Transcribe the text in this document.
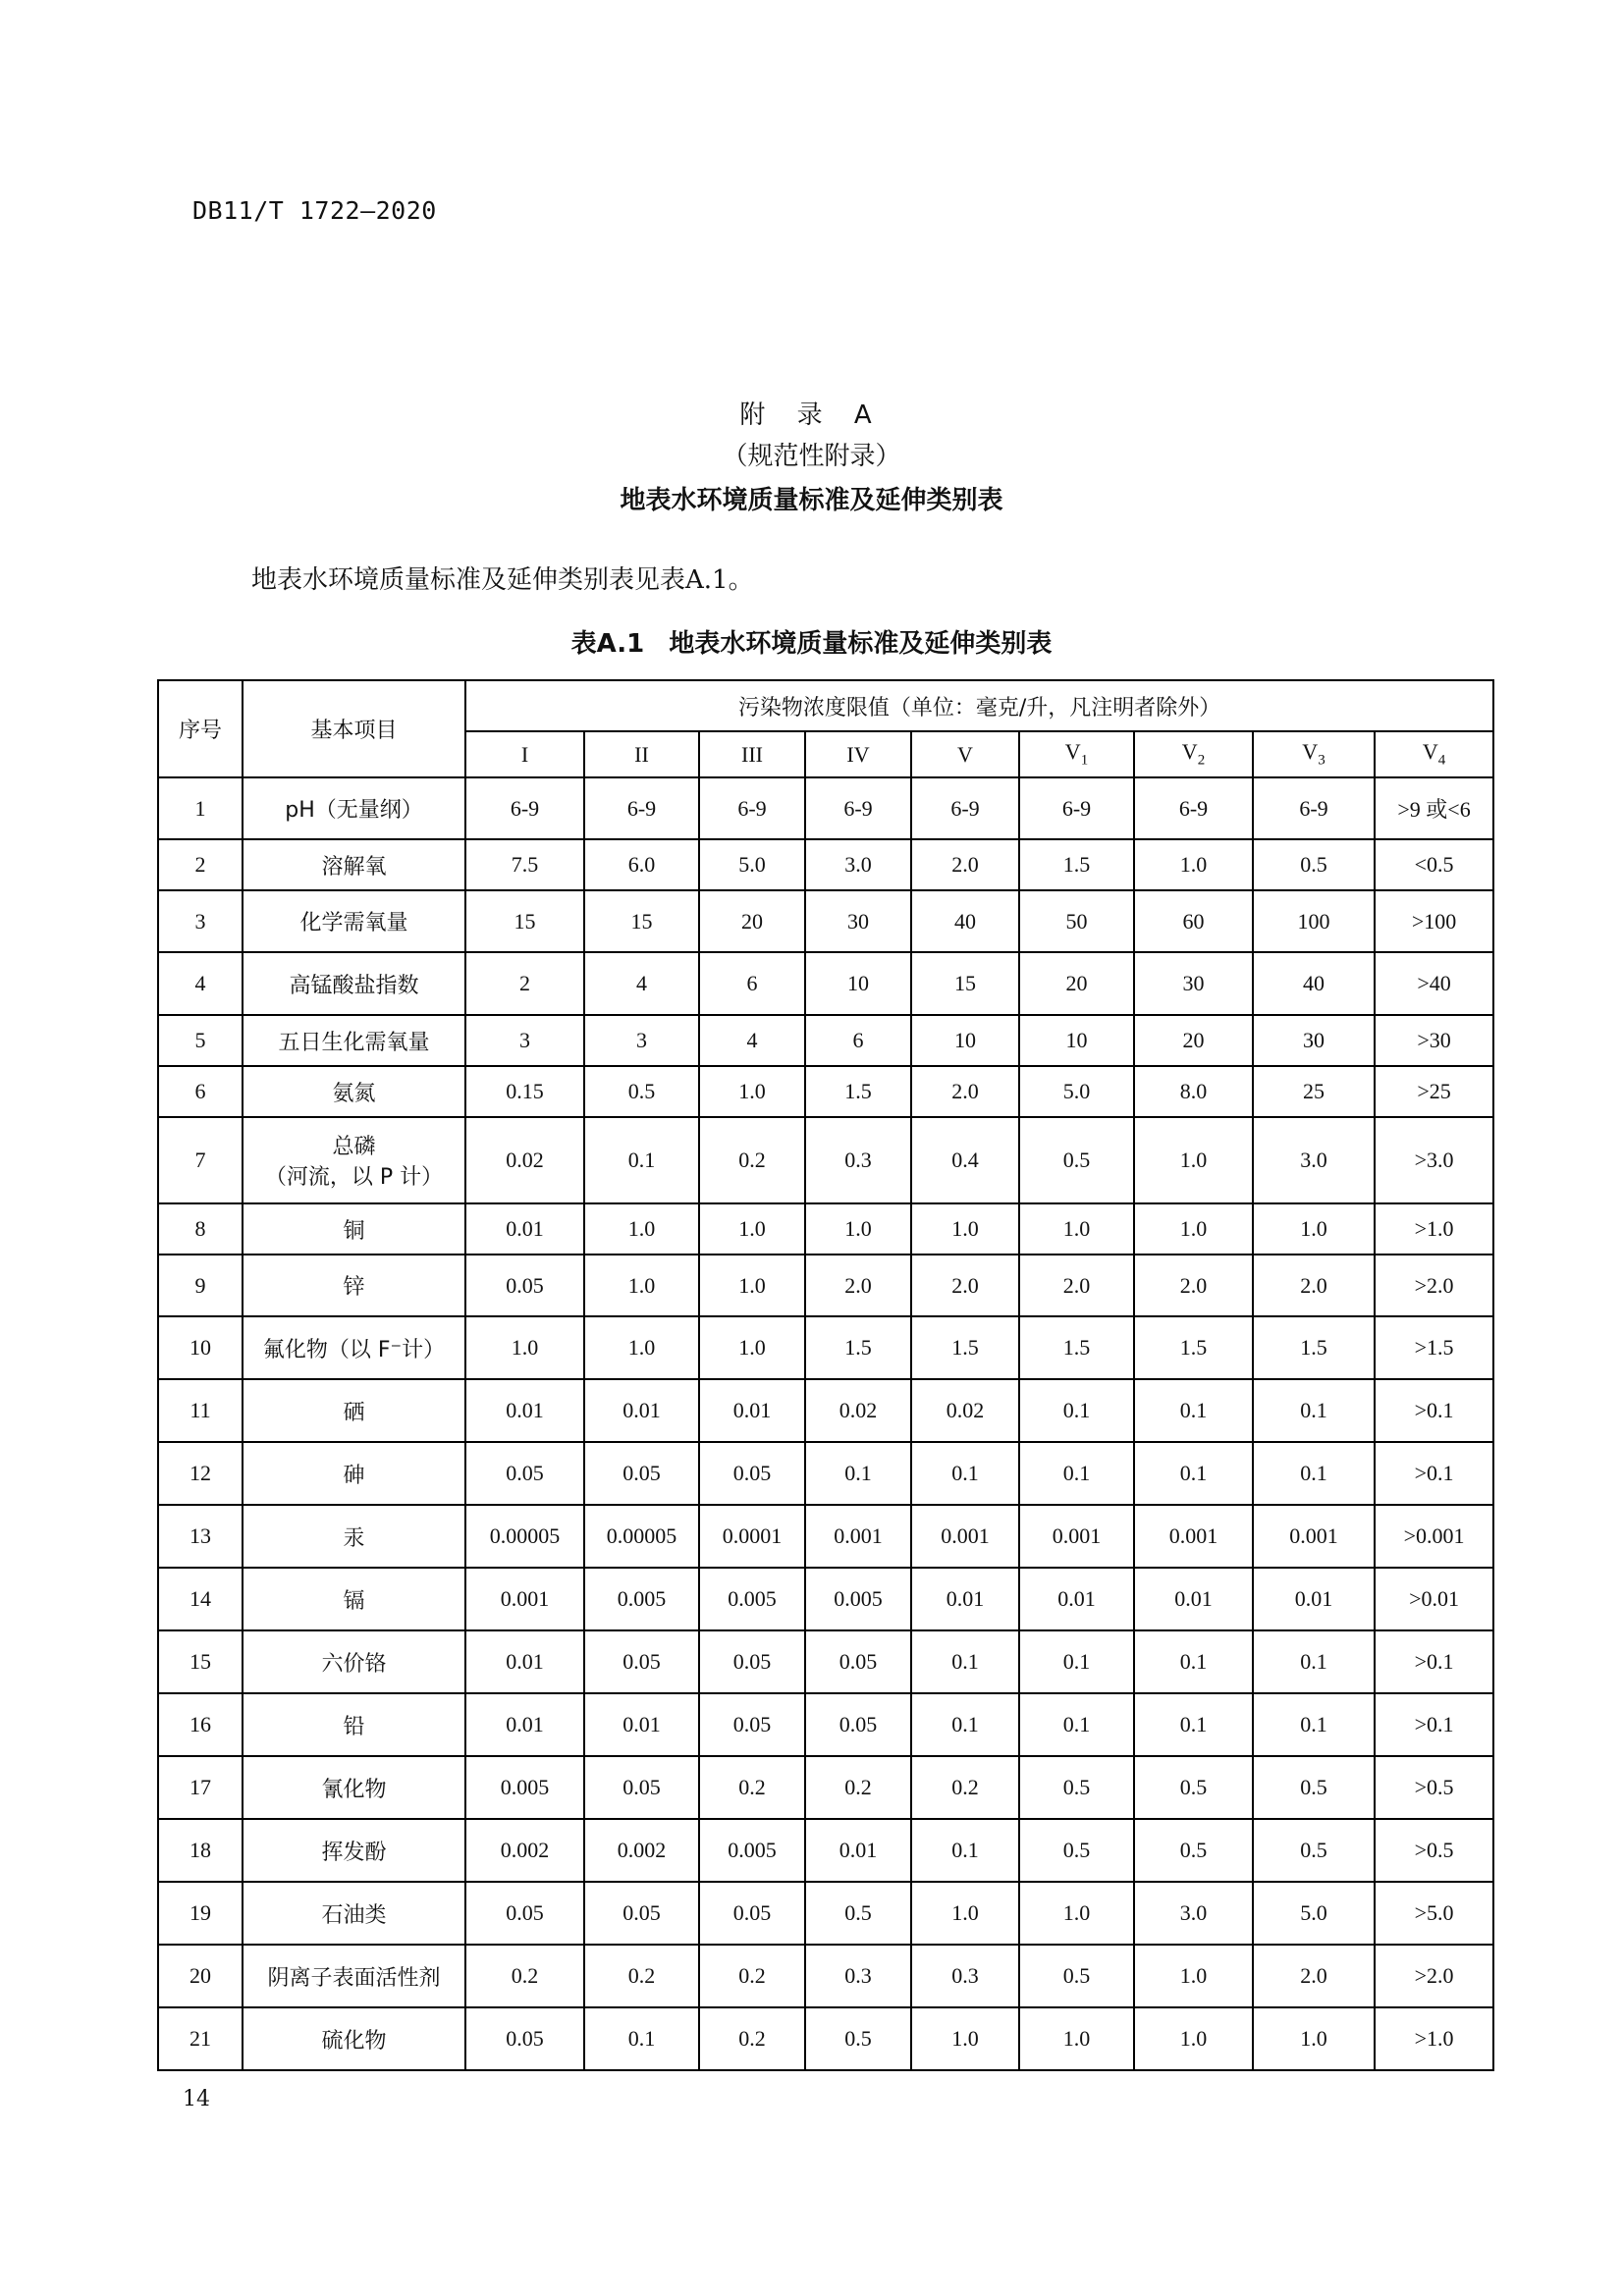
DB11/T 1722—2020
附 录 A
（规范性附录）
地表水环境质量标准及延伸类别表
地表水环境质量标准及延伸类别表见表A.1。
表A.1 地表水环境质量标准及延伸类别表
序号	基本项目	污染物浓度限值（单位：毫克/升，凡注明者除外）								
		I	II	III	IV	V	$V_1$	$V_2$	$V_3$	$V_4$
1	pH（无量纲）	6-9	6-9	6-9	6-9	6-9	6-9	6-9	6-9	>9 或<6
2	溶解氧	7.5	6.0	5.0	3.0	2.0	1.5	1.0	0.5	<0.5
3	化学需氧量	15	15	20	30	40	50	60	100	>100
4	高锰酸盐指数	2	4	6	10	15	20	30	40	>40
5	五日生化需氧量	3	3	4	6	10	10	20	30	>30
6	氨氮	0.15	0.5	1.0	1.5	2.0	5.0	8.0	25	>25
7	总磷
（河流，以 P 计）	0.02	0.1	0.2	0.3	0.4	0.5	1.0	3.0	>3.0
8	铜	0.01	1.0	1.0	1.0	1.0	1.0	1.0	1.0	>1.0
9	锌	0.05	1.0	1.0	2.0	2.0	2.0	2.0	2.0	>2.0
10	氟化物（以 F⁻计）	1.0	1.0	1.0	1.5	1.5	1.5	1.5	1.5	>1.5
11	硒	0.01	0.01	0.01	0.02	0.02	0.1	0.1	0.1	>0.1
12	砷	0.05	0.05	0.05	0.1	0.1	0.1	0.1	0.1	>0.1
13	汞	0.00005	0.00005	0.0001	0.001	0.001	0.001	0.001	0.001	>0.001
14	镉	0.001	0.005	0.005	0.005	0.01	0.01	0.01	0.01	>0.01
15	六价铬	0.01	0.05	0.05	0.05	0.1	0.1	0.1	0.1	>0.1
16	铅	0.01	0.01	0.05	0.05	0.1	0.1	0.1	0.1	>0.1
17	氰化物	0.005	0.05	0.2	0.2	0.2	0.5	0.5	0.5	>0.5
18	挥发酚	0.002	0.002	0.005	0.01	0.1	0.5	0.5	0.5	>0.5
19	石油类	0.05	0.05	0.05	0.5	1.0	1.0	3.0	5.0	>5.0
20	阴离子表面活性剂	0.2	0.2	0.2	0.3	0.3	0.5	1.0	2.0	>2.0
21	硫化物	0.05	0.1	0.2	0.5	1.0	1.0	1.0	1.0	>1.0
14
